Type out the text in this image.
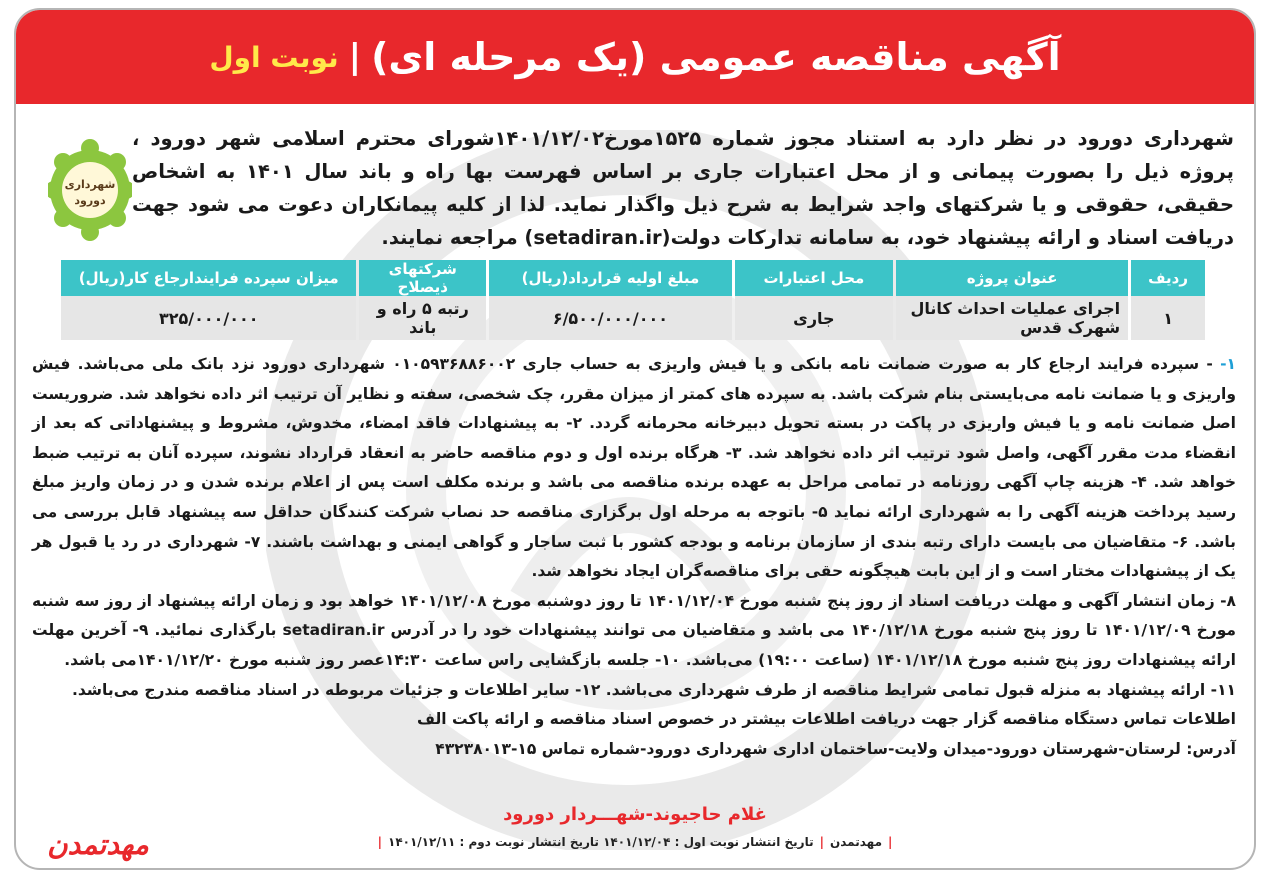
آگهی مناقصه عمومی (یک مرحله ای)
|
نوبت اول
شهرداری دورود در نظر دارد به استناد مجوز شماره ۱۵۲۵مورخ۱۴۰۱/۱۲/۰۲شورای محترم اسلامی شهر دورود ، پروژه ذیل را بصورت پیمانی و از محل اعتبارات جاری بر اساس فهرست بها راه و باند سال ۱۴۰۱ به اشخاص حقیقی، حقوقی و یا شرکتهای واجد شرایط به شرح ذیل واگذار نماید. لذا از کلیه پیمانکاران دعوت می شود جهت دریافت اسناد و ارائه پیشنهاد خود، به سامانه تدارکات دولت(setadiran.ir) مراجعه نمایند.
شهرداری
دورود
ردیف	عنوان پروژه	محل اعتبارات	مبلغ اولیه قرارداد(ریال)	شرکتهای ذیصلاح	میزان سپرده فرایندارجاع کار(ریال)
۱	اجرای عملیات احداث کانال شهرک قدس	جاری	۶/۵۰۰/۰۰۰/۰۰۰	رتبه ۵ راه و باند	۳۲۵/۰۰۰/۰۰۰

۱- - سپرده فرایند ارجاع کار به صورت ضمانت نامه بانکی و یا فیش واریزی به حساب جاری ۰۱۰۵۹۳۶۸۸۶۰۰۲ شهرداری دورود نزد بانک ملی می‌باشد. فیش واریزی و یا ضمانت نامه می‌بایستی بنام شرکت باشد. به سپرده های کمتر از میزان مقرر، چک شخصی، سفته و نظایر آن ترتیب اثر داده نخواهد شد. ضروریست اصل ضمانت نامه و یا فیش واریزی در پاکت در بسته تحویل دبیرخانه محرمانه گردد. ۲- به پیشنهادات فاقد امضاء، مخدوش، مشروط و پیشنهاداتی که بعد از انقضاء مدت مقرر آگهی، واصل شود ترتیب اثر داده نخواهد شد. ۳- هرگاه برنده اول و دوم مناقصه حاضر به انعقاد قرارداد نشوند، سپرده آنان به ترتیب ضبط خواهد شد. ۴- هزینه چاپ آگهی روزنامه در تمامی مراحل به عهده برنده مناقصه می باشد و برنده مکلف است پس از اعلام برنده شدن و در زمان واریز مبلغ رسید پرداخت هزینه آگهی را به شهرداری ارائه نماید ۵- باتوجه به مرحله اول برگزاری مناقصه حد نصاب شرکت کنندگان حداقل سه پیشنهاد قابل بررسی می باشد. ۶- متقاضیان می بایست دارای رتبه بندی از سازمان برنامه و بودجه کشور با ثبت ساجار و گواهی ایمنی و بهداشت باشند. ۷- شهرداری در رد یا قبول هر یک از پیشنهادات مختار است و از این بابت هیچگونه حقی برای مناقصه‌گران ایجاد نخواهد شد.

۸- زمان انتشار آگهی و مهلت دریافت اسناد از روز پنج شنبه مورخ ۱۴۰۱/۱۲/۰۴ تا روز دوشنبه مورخ ۱۴۰۱/۱۲/۰۸ خواهد بود و زمان ارائه پیشنهاد از روز سه شنبه مورخ ۱۴۰۱/۱۲/۰۹ تا روز پنج شنبه مورخ ۱۴۰/۱۲/۱۸ می باشد و متقاضیان می توانند پیشنهادات خود را در آدرس setadiran.ir بارگذاری نمائید. ۹- آخرین مهلت ارائه پیشنهادات روز پنج شنبه مورخ ۱۴۰۱/۱۲/۱۸ (ساعت ۱۹:۰۰) می‌باشد. ۱۰- جلسه بازگشایی راس ساعت ۱۴:۳۰عصر روز شنبه مورخ ۱۴۰۱/۱۲/۲۰می باشد.

۱۱- ارائه پیشنهاد به منزله قبول تمامی شرایط مناقصه از طرف شهرداری می‌باشد. ۱۲- سایر اطلاعات و جزئیات مربوطه در اسناد مناقصه مندرج می‌باشد.

اطلاعات تماس دستگاه مناقصه گزار جهت دریافت اطلاعات بیشتر در خصوص اسناد مناقصه و ارائه پاکت الف

آدرس: لرستان-شهرستان دورود-میدان ولایت-ساختمان اداری شهرداری دورود-شماره تماس ۱۵-۴۳۲۳۸۰۱۳

غلام حاجیوند-شهـــردار دورود
|مهدتمدن|تاریخ انتشار نوبت اول : ۱۴۰۱/۱۲/۰۴ تاریخ انتشار نوبت دوم : ۱۴۰۱/۱۲/۱۱|
مهدتمدن
